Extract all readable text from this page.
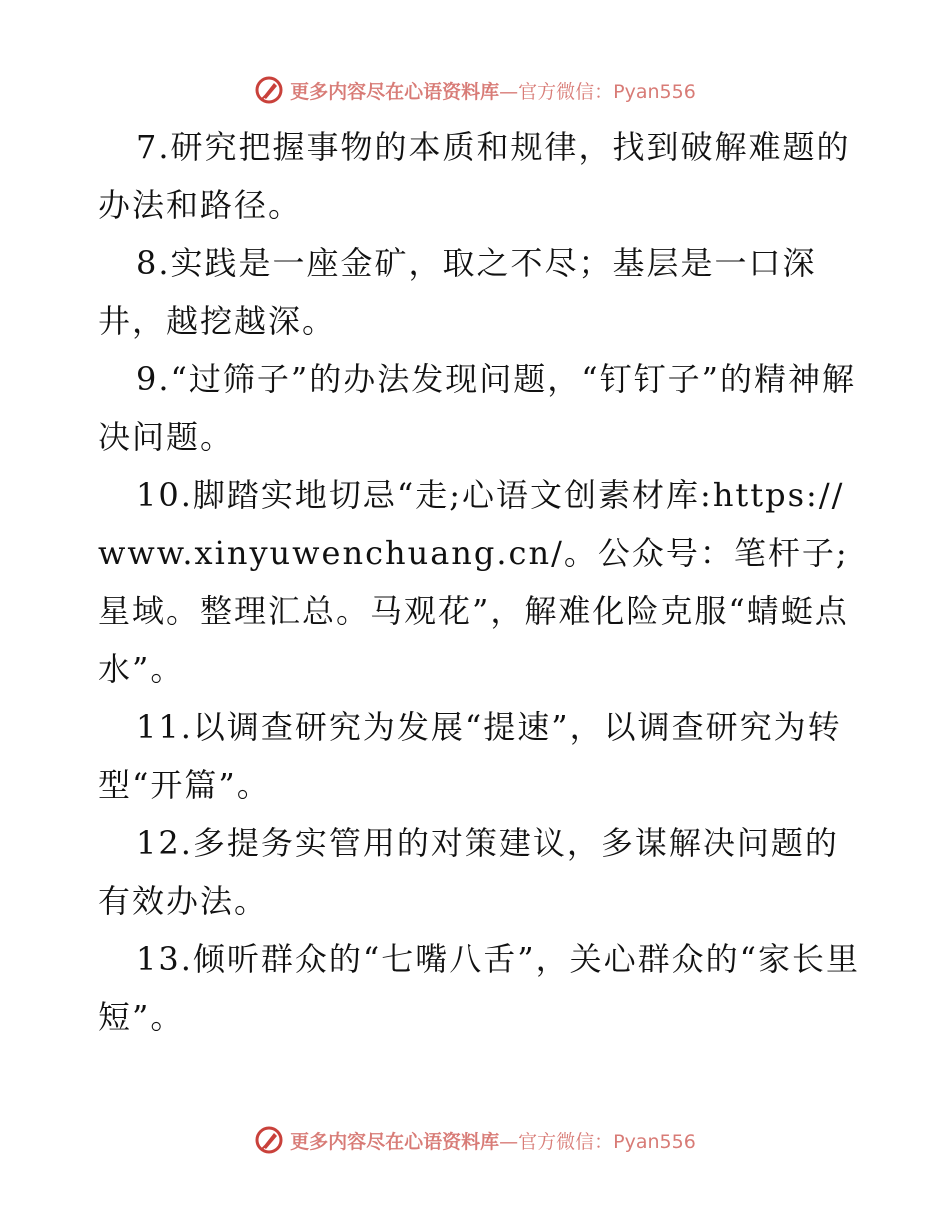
更多内容尽在心语资料库—官方微信：Pyan556

7.研究把握事物的本质和规律，找到破解难题的办法和路径。

8.实践是一座金矿，取之不尽；基层是一口深井，越挖越深。

9.“过筛子”的办法发现问题，“钉钉子”的精神解决问题。

10.脚踏实地切忌“走;心语文创素材库:https://www.xinyuwenchuang.cn/。公众号：笔杆子;星域。整理汇总。马观花”，解难化险克服“蜻蜓点水”。

11.以调查研究为发展“提速”，以调查研究为转型“开篇”。

12.多提务实管用的对策建议，多谋解决问题的有效办法。

13.倾听群众的“七嘴八舌”，关心群众的“家长里短”。

更多内容尽在心语资料库—官方微信：Pyan556
